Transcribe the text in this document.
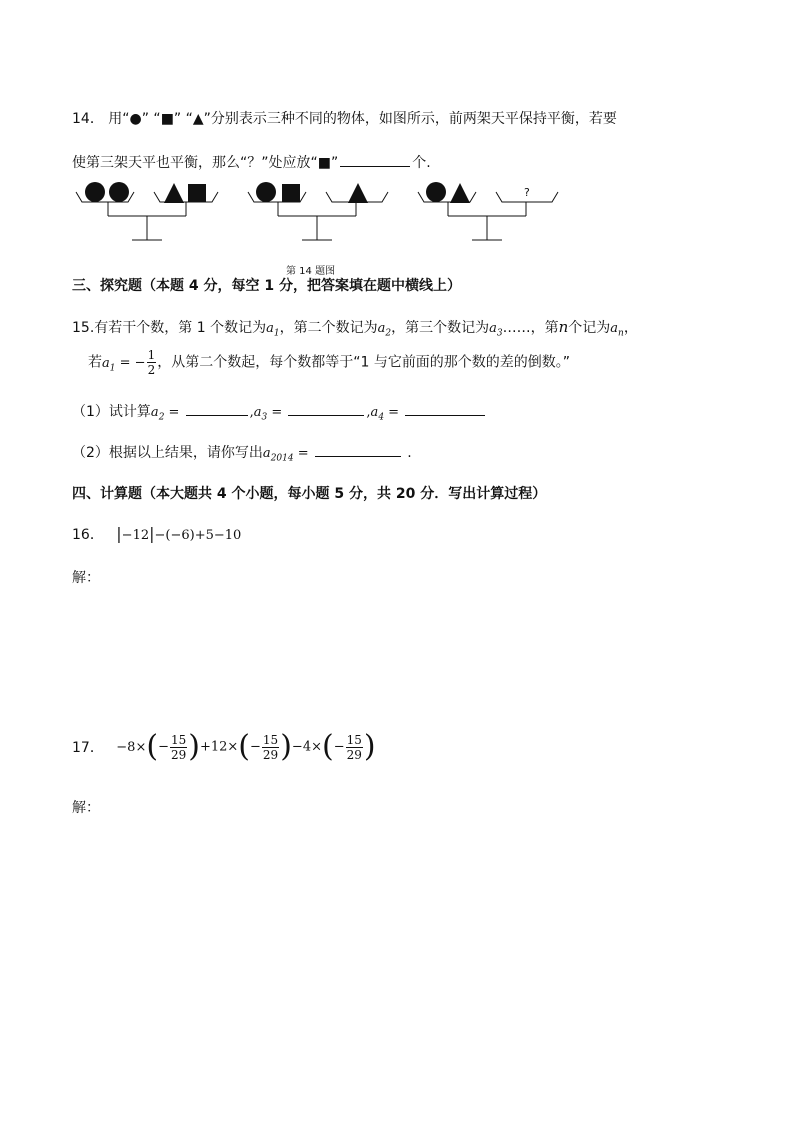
14． 用“●” “■” “▲”分别表示三种不同的物体，如图所示，前两架天平保持平衡，若要
使第三架天平也平衡，那么“？”处应放“■”	个.
?
第 14 题图
三、探究题（本题 4 分，每空 1 分，把答案填在题中横线上）
15.有若干个数，第 1 个数记为$a_1$，第二个数记为$a_2$，第三个数记为$a_3\dots\dots$，第n个记为$a_n$，
若$a_1$ = − $\frac{1}{2}$ ，从第二个数起，每个数都等于“1 与它前面的那个数的差的倒数。”
（1）试计算$a_2$ =	$,a_3$ =	$,a_4$ =
（2）根据以上结果，请你写出$a_{2014}$ =	.
四、计算题（本大题共 4 个小题，每小题 5 分，共 20 分．写出计算过程）
16． |−12|−(−6)+5−10
解：
17． $-8\times(- \frac{15}{29} )+12\times(- \frac{15}{29} )-4\times(- \frac{15}{29}$ )
解：
